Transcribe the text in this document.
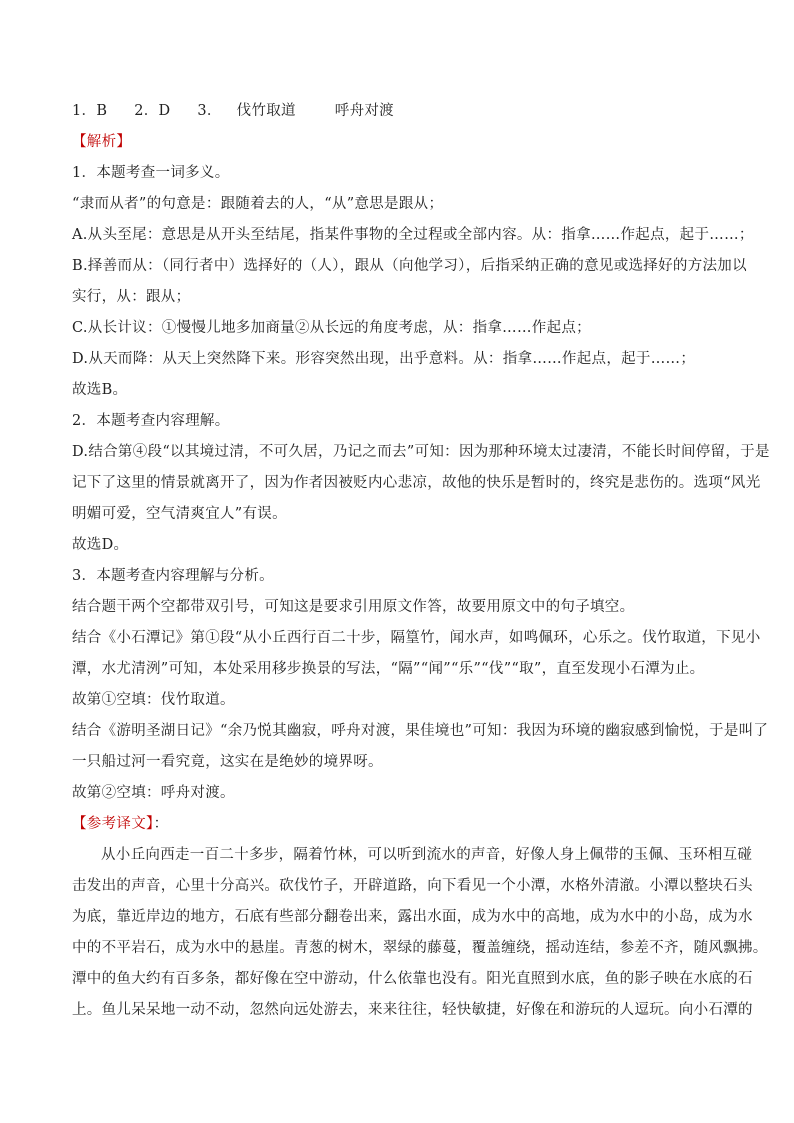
1．B 2．D 3． 伐竹取道	呼舟对渡
【解析】
1．本题考查一词多义。
“隶而从者”的句意是：跟随着去的人，“从”意思是跟从；
A.从头至尾：意思是从开头至结尾，指某件事物的全过程或全部内容。从：指拿……作起点，起于……；
B.择善而从：（同行者中）选择好的（人），跟从（向他学习），后指采纳正确的意见或选择好的方法加以
实行，从：跟从；
C.从长计议：①慢慢儿地多加商量②从长远的角度考虑，从：指拿……作起点；
D.从天而降：从天上突然降下来。形容突然出现，出乎意料。从：指拿……作起点，起于……；
故选B。
2．本题考查内容理解。
D.结合第④段“以其境过清，不可久居，乃记之而去”可知：因为那种环境太过凄清，不能长时间停留，于是
记下了这里的情景就离开了，因为作者因被贬内心悲凉，故他的快乐是暂时的，终究是悲伤的。选项“风光
明媚可爱，空气清爽宜人”有误。
故选D。
3．本题考查内容理解与分析。
结合题干两个空都带双引号，可知这是要求引用原文作答，故要用原文中的句子填空。
结合《小石潭记》第①段“从小丘西行百二十步，隔篁竹，闻水声，如鸣佩环，心乐之。伐竹取道，下见小
潭，水尤清洌”可知，本处采用移步换景的写法，“隔”“闻”“乐”“伐”“取”，直至发现小石潭为止。
故第①空填：伐竹取道。
结合《游明圣湖日记》“余乃悦其幽寂，呼舟对渡，果佳境也”可知：我因为环境的幽寂感到愉悦，于是叫了
一只船过河一看究竟，这实在是绝妙的境界呀。
故第②空填：呼舟对渡。
【参考译文】：
从小丘向西走一百二十多步，隔着竹林，可以听到流水的声音，好像人身上佩带的玉佩、玉环相互碰
击发出的声音，心里十分高兴。砍伐竹子，开辟道路，向下看见一个小潭，水格外清澈。小潭以整块石头
为底，靠近岸边的地方，石底有些部分翻卷出来，露出水面，成为水中的高地，成为水中的小岛，成为水
中的不平岩石，成为水中的悬崖。青葱的树木，翠绿的藤蔓，覆盖缠绕，摇动连结，参差不齐，随风飘拂。
潭中的鱼大约有百多条，都好像在空中游动，什么依靠也没有。阳光直照到水底，鱼的影子映在水底的石
上。鱼儿呆呆地一动不动，忽然向远处游去，来来往往，轻快敏捷，好像在和游玩的人逗玩。向小石潭的
